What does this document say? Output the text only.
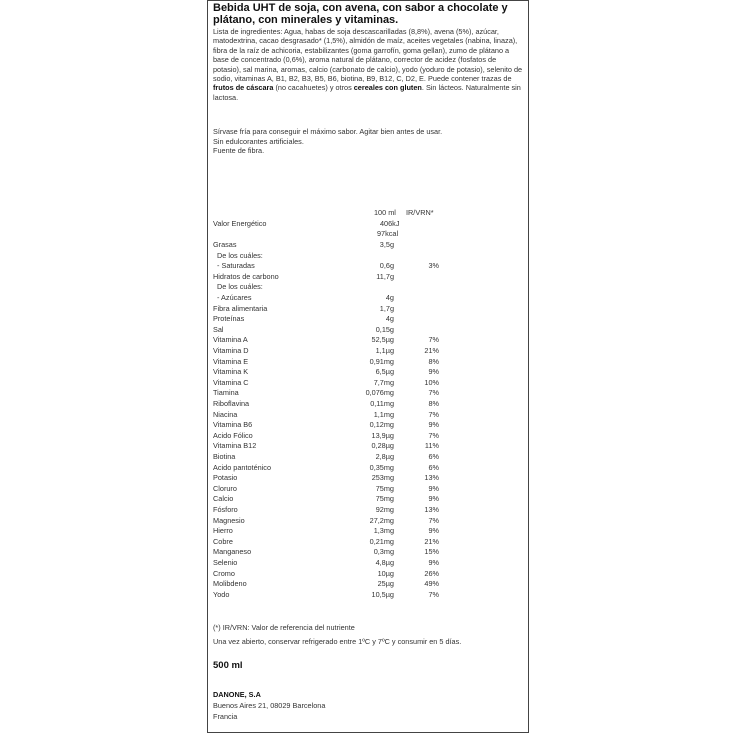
Bebida UHT de soja, con avena, con sabor a chocolate y plátano, con minerales y vitaminas.
Lista de ingredientes: Agua, habas de soja descascarilladas (8,8%), avena (5%), azúcar, matodextrina, cacao desgrasado* (1,5%), almidón de maíz, aceites vegetales (nabina, linaza), fibra de la raíz de achicoria, estabilizantes (goma garrofín, goma gellan), zumo de plátano a base de concentrado (0,6%), aroma natural de plátano, corrector de acidez (fosfatos de potasio), sal marina, aromas, calcio (carbonato de calcio), yodo (yoduro de potasio), selenito de sodio, vitaminas A, B1, B2, B3, B5, B6, biotina, B9, B12, C, D2, E. Puede contener trazas de frutos de cáscara (no cacahuetes) y otros cereales con gluten. Sin lácteos. Naturalmente sin lactosa.
Sírvase fría para conseguir el máximo sabor. Agitar bien antes de usar.
Sin edulcorantes artificiales.
Fuente de fibra.
100 ml IR/VRN*
Valor Energético	406kJ
97kcal
Grasas	3,5g
De los cuáles:
- Saturadas	0,6g	3%
Hidratos de carbono	11,7g
De los cuáles:
- Azúcares	4g
Fibra alimentaria	1,7g
Proteínas	4g
Sal	0,15g
Vitamina A	52,5µg	7%
Vitamina D	1,1µg	21%
Vitamina E	0,91mg	8%
Vitamina K	6,5µg	9%
Vitamina C	7,7mg	10%
Tiamina	0,076mg	7%
Riboflavina	0,11mg	8%
Niacina	1,1mg	7%
Vitamina B6	0,12mg	9%
Acido Fólico	13,9µg	7%
Vitamina B12	0,28µg	11%
Biotina	2,8µg	6%
Acido pantoténico	0,35mg	6%
Potasio	253mg	13%
Cloruro	75mg	9%
Calcio	75mg	9%
Fósforo	92mg	13%
Magnesio	27,2mg	7%
Hierro	1,3mg	9%
Cobre	0,21mg	21%
Manganeso	0,3mg	15%
Selenio	4,8µg	9%
Cromo	10µg	26%
Molibdeno	25µg	49%
Yodo	10,5µg	7%
(*) IR/VRN: Valor de referencia del nutriente
Una vez abierto, conservar refrigerado entre 1ºC y 7ºC y consumir en 5 días.
500 ml
DANONE, S.A
Buenos Aires 21, 08029 Barcelona
Francia
